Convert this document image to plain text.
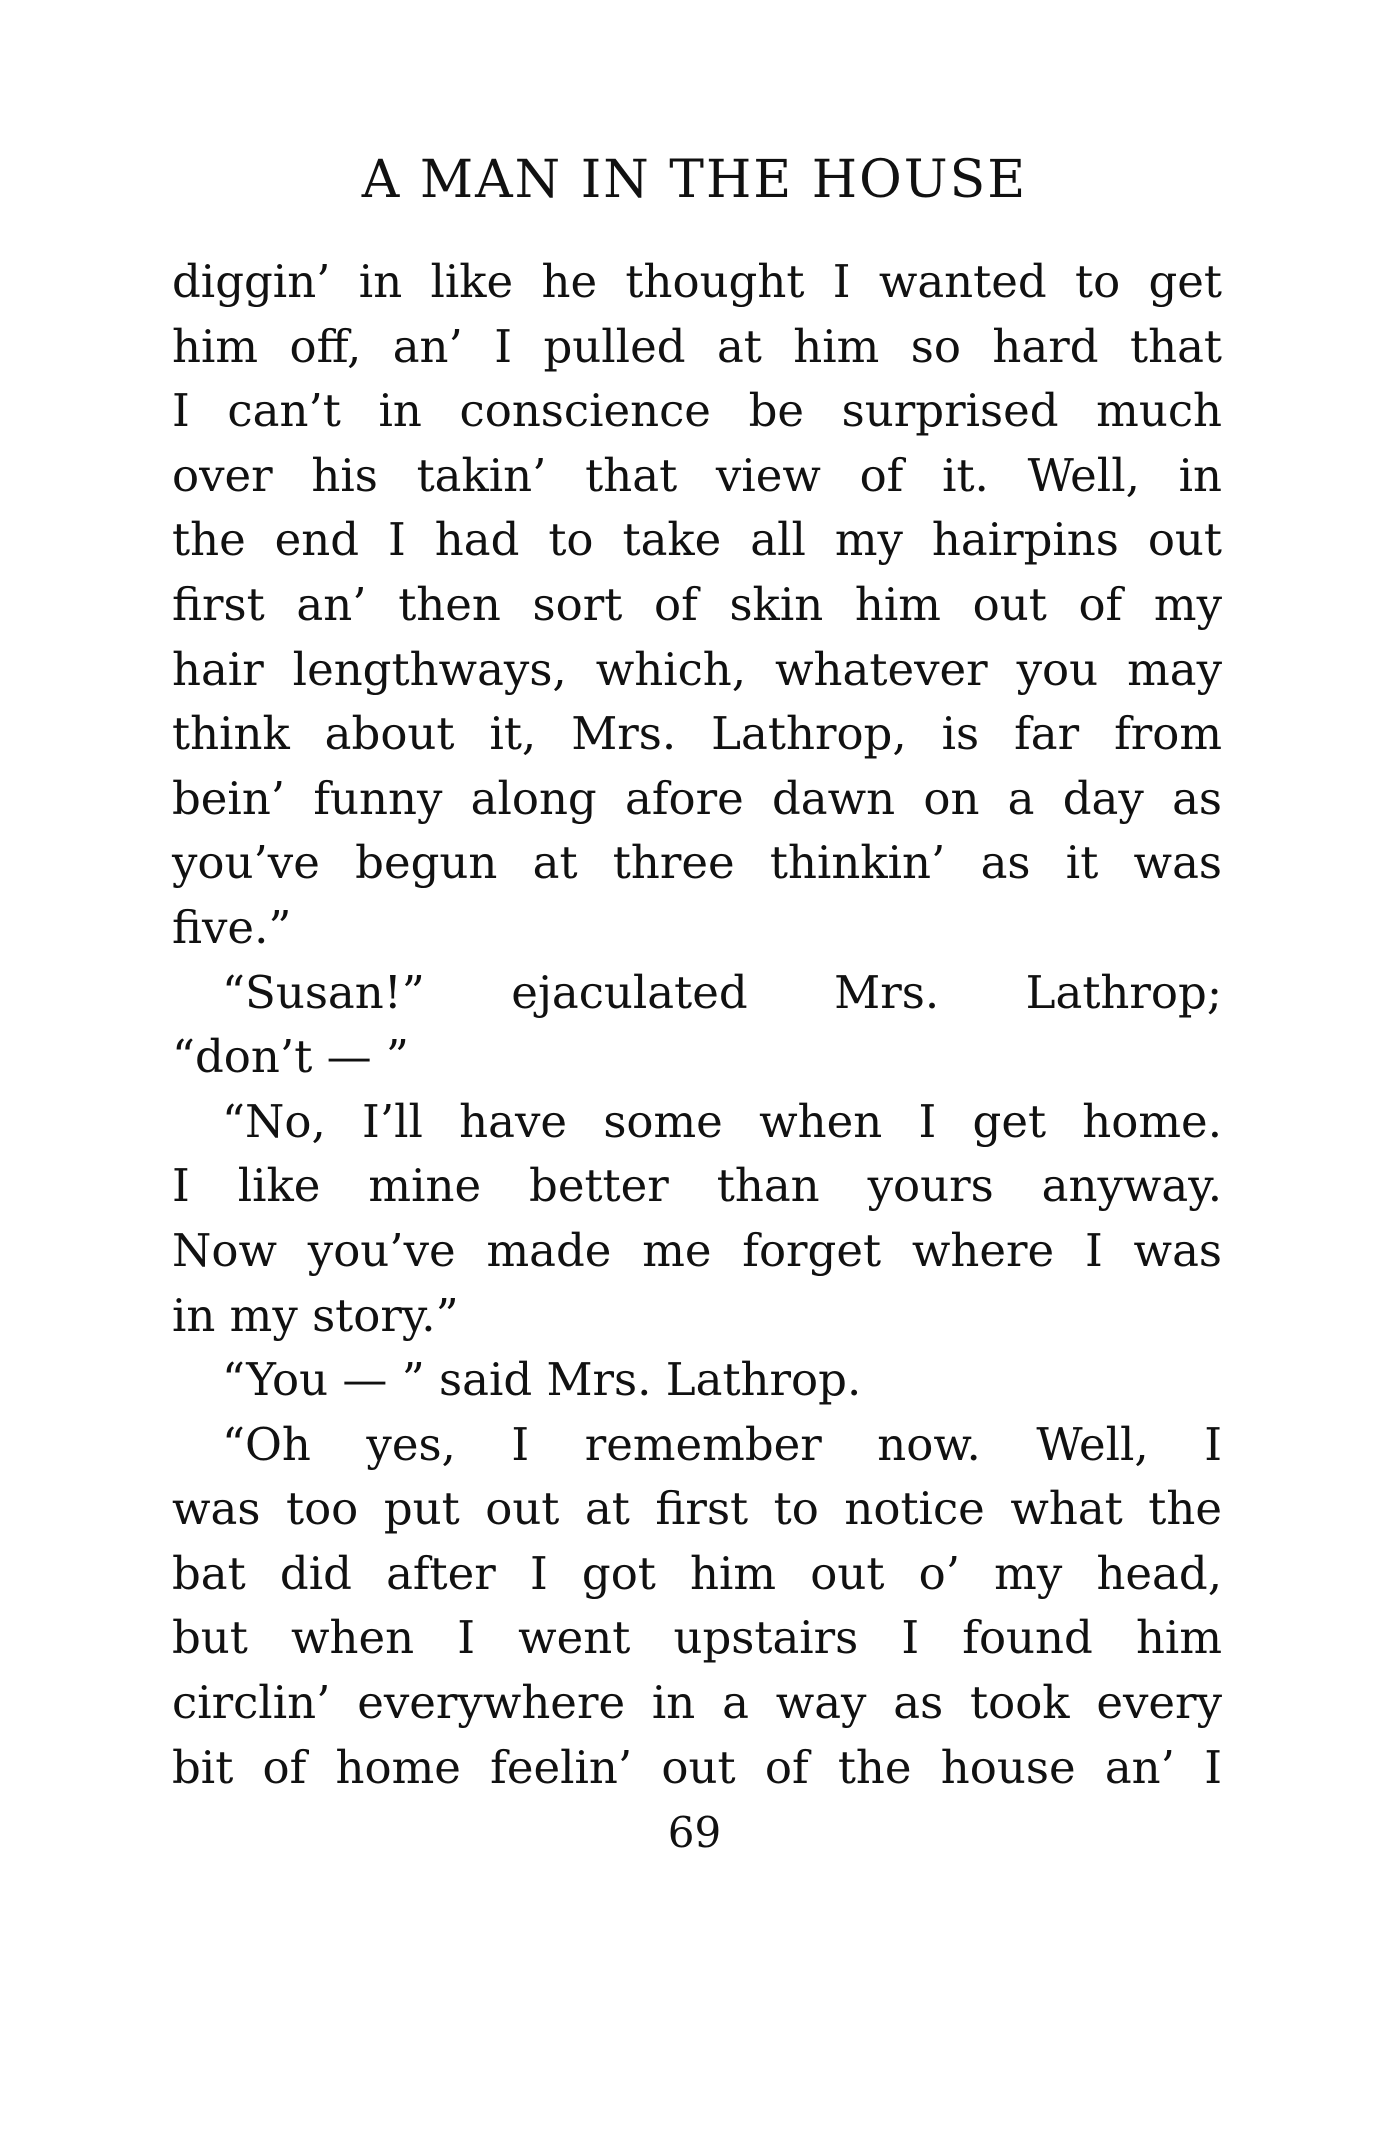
A MAN IN THE HOUSE
diggin’ in like he thought I wanted to get
him off, an’ I pulled at him so hard that
I can’t in conscience be surprised much
over his takin’ that view of it. Well, in
the end I had to take all my hairpins out
first an’ then sort of skin him out of my
hair lengthways, which, whatever you may
think about it, Mrs. Lathrop, is far from
bein’ funny along afore dawn on a day as
you’ve begun at three thinkin’ as it was
five.”
“Susan!” ejaculated Mrs. Lathrop;
“don’t — ”
“No, I’ll have some when I get home.
I like mine better than yours anyway.
Now you’ve made me forget where I was
in my story.”
“You — ” said Mrs. Lathrop.
“Oh yes, I remember now. Well, I
was too put out at first to notice what the
bat did after I got him out o’ my head,
but when I went upstairs I found him
circlin’ everywhere in a way as took every
bit of home feelin’ out of the house an’ I
69
